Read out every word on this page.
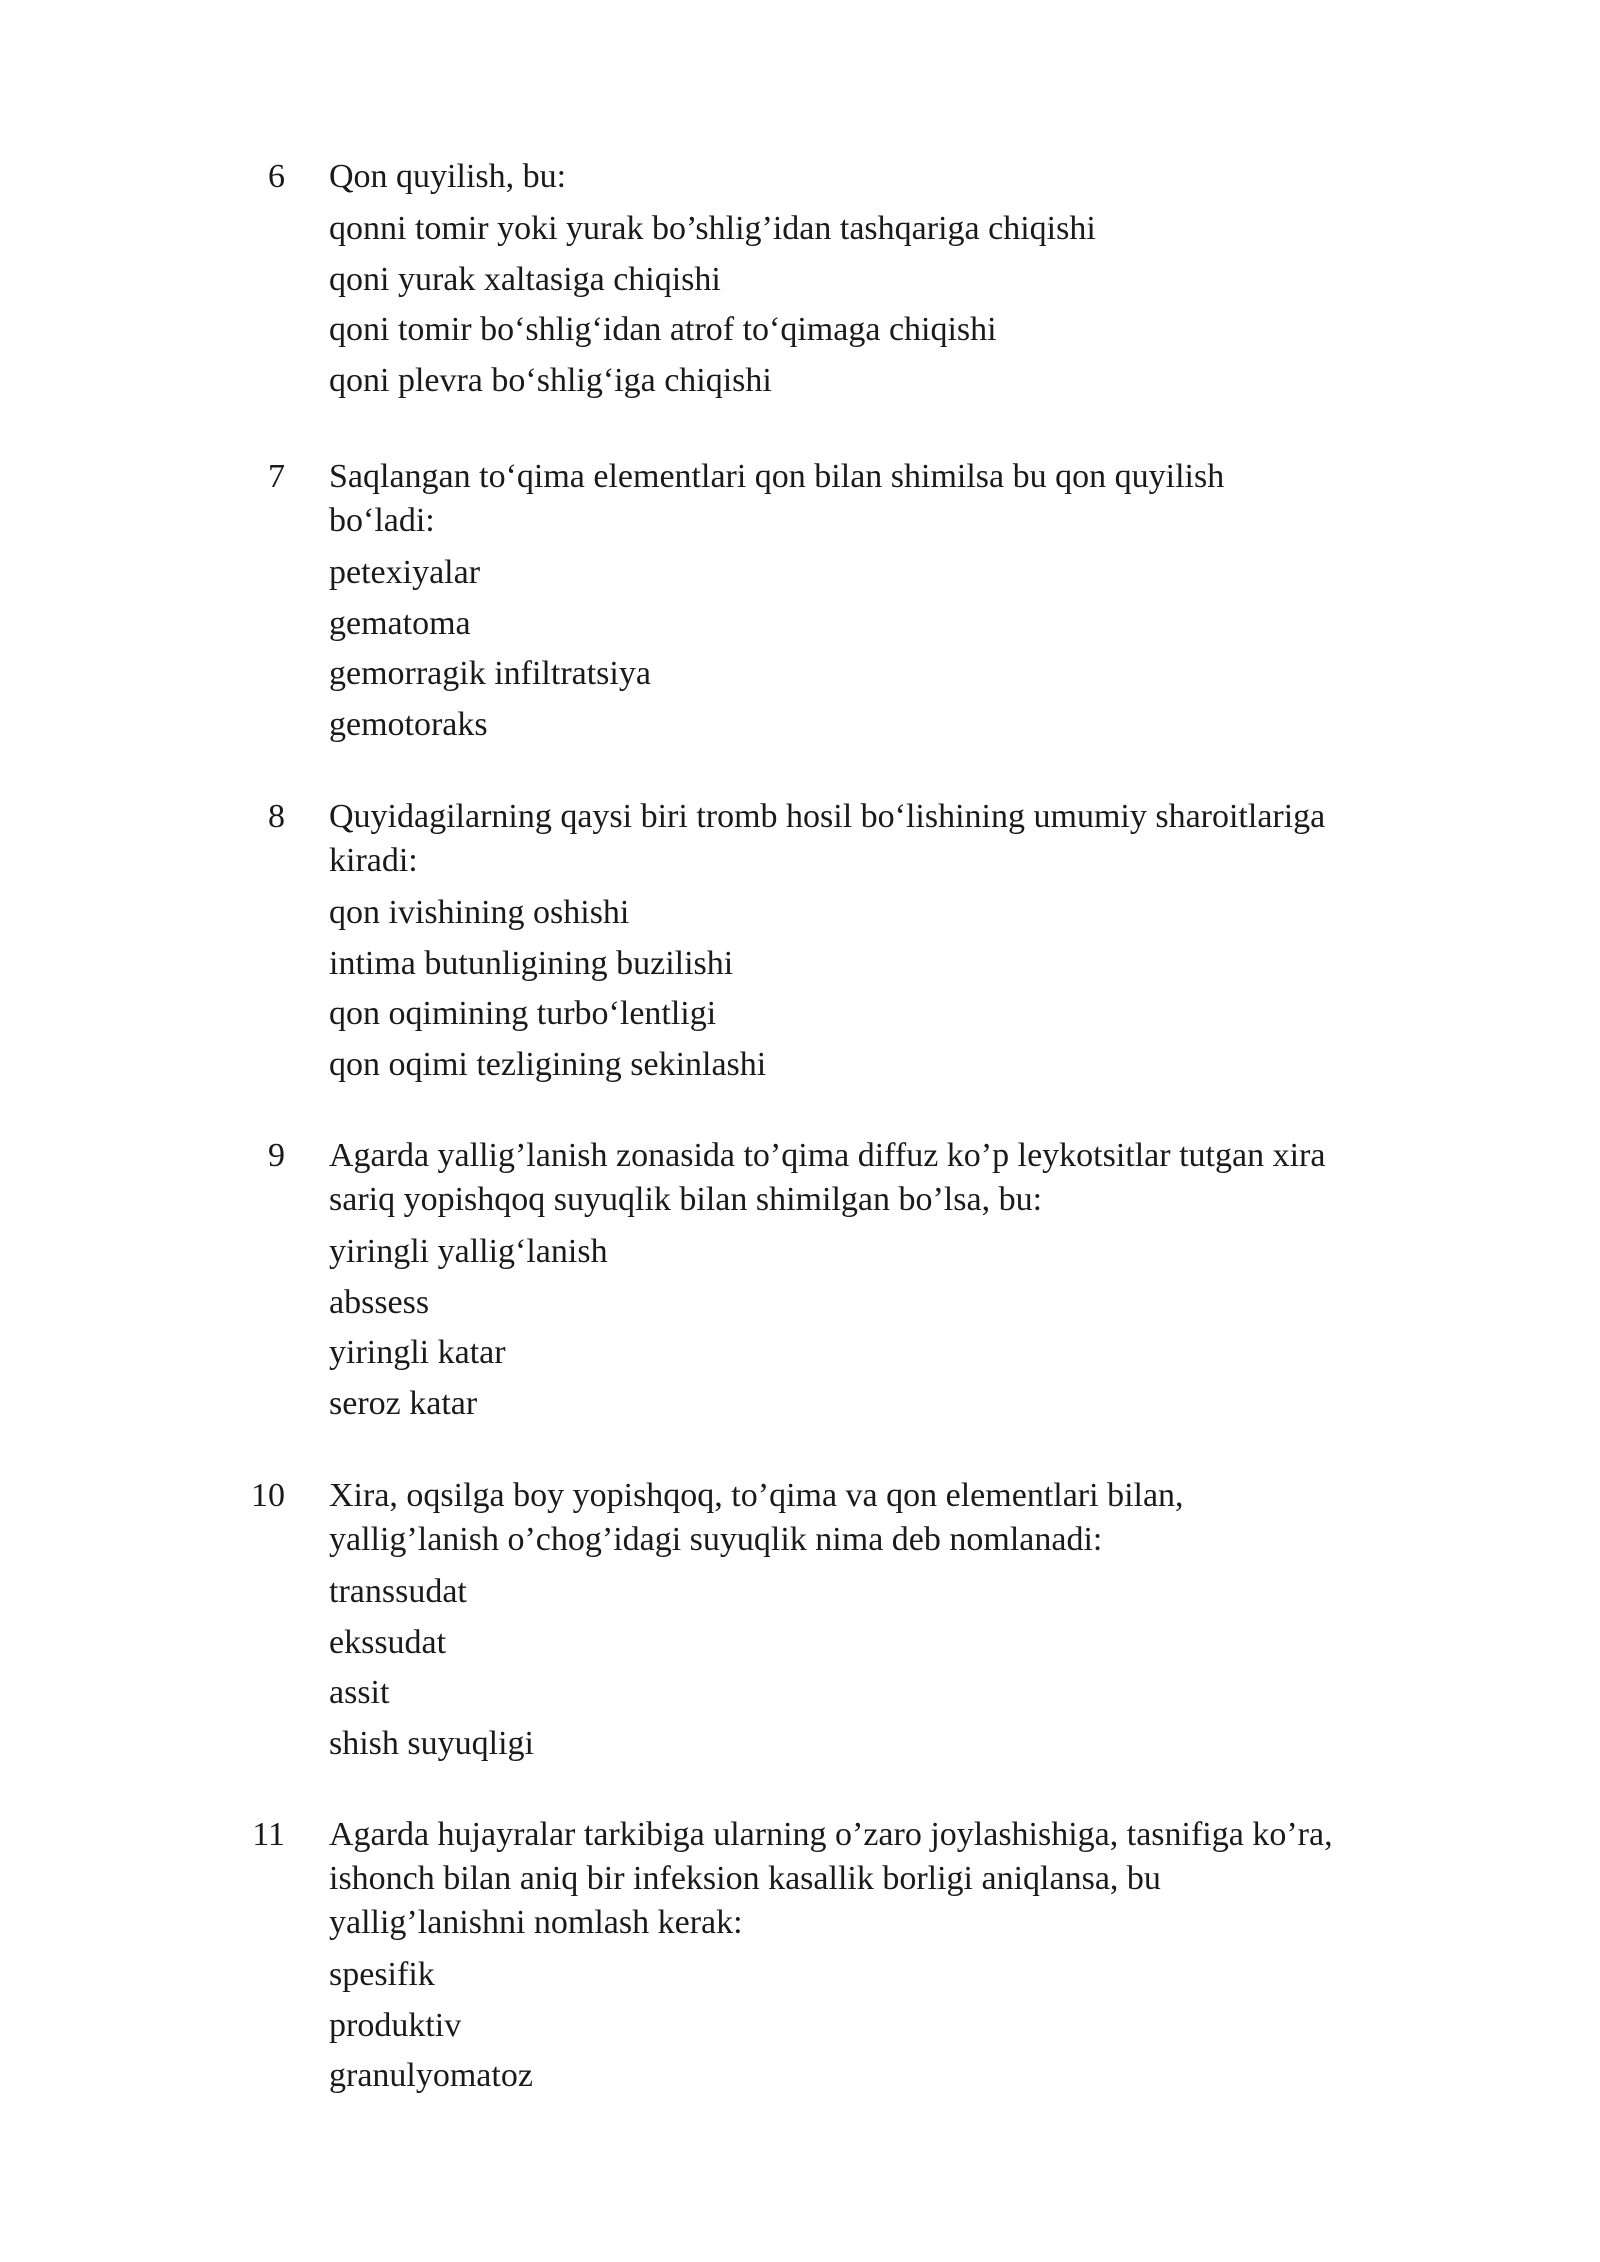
6 Qon quyilish, bu:

qonni tomir yoki yurak bo’shlig’idan tashqariga chiqishi
qoni yurak xaltasiga chiqishi
qoni tomir bo‘shlig‘idan atrof to‘qimaga chiqishi
qoni plevra bo‘shlig‘iga chiqishi
7 Saqlangan to‘qima elementlari qon bilan shimilsa bu qon quyilish
bo‘ladi:

petexiyalar
gematoma
gemorragik infiltratsiya
gemotoraks
8 Quyidagilarning qaysi biri tromb hosil bo‘lishining umumiy sharoitlariga
kiradi:

qon ivishining oshishi
intima butunligining buzilishi
qon oqimining turbo‘lentligi
qon oqimi tezligining sekinlashi
9 Agarda yallig’lanish zonasida to’qima diffuz ko’p leykotsitlar tutgan xira
sariq yopishqoq suyuqlik bilan shimilgan bo’lsa, bu:

yiringli yallig‘lanish
abssess
yiringli katar
seroz katar
10 Xira, oqsilga boy yopishqoq, to’qima va qon elementlari bilan,
yallig’lanish o’chog’idagi suyuqlik nima deb nomlanadi:

transsudat
ekssudat
assit
shish suyuqligi
11 Agarda hujayralar tarkibiga ularning o’zaro joylashishiga, tasnifiga ko’ra,
ishonch bilan aniq bir infeksion kasallik borligi aniqlansa, bu
yallig’lanishni nomlash kerak:

spesifik
produktiv
granulyomatoz
